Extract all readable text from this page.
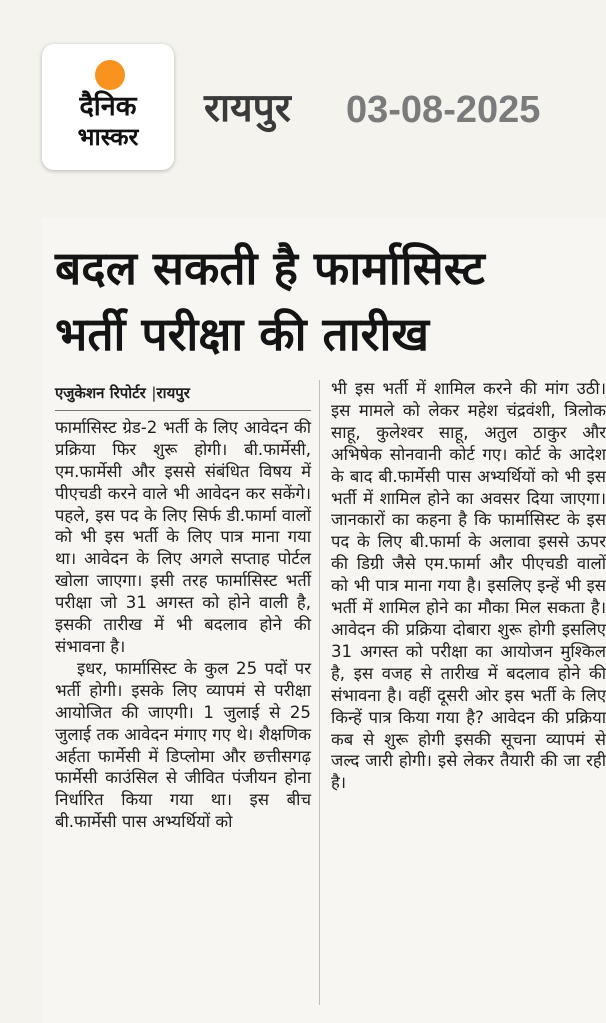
दैनिक
भास्कर
रायपुर 03-08-2025
बदल सकती है फार्मासिस्ट
भर्ती परीक्षा की तारीख
एजुकेशन रिपोर्टर |रायपुर
फार्मासिस्ट ग्रेड-2 भर्ती के लिए आवेदन की प्रक्रिया फिर शुरू होगी। बी.फार्मेसी, एम.फार्मेसी और इससे संबंधित विषय में पीएचडी करने वाले भी आवेदन कर सकेंगे। पहले, इस पद के लिए सिर्फ डी.फार्मा वालों को भी इस भर्ती के लिए पात्र माना गया था। आवेदन के लिए अगले सप्ताह पोर्टल खोला जाएगा। इसी तरह फार्मासिस्ट भर्ती परीक्षा जो 31 अगस्त को होने वाली है, इसकी तारीख में भी बदलाव होने की संभावना है।
इधर, फार्मासिस्ट के कुल 25 पदों पर भर्ती होगी। इसके लिए व्यापमं से परीक्षा आयोजित की जाएगी। 1 जुलाई से 25 जुलाई तक आवेदन मंगाए गए थे। शैक्षणिक अर्हता फार्मेसी में डिप्लोमा और छत्तीसगढ़ फार्मेसी काउंसिल से जीवित पंजीयन होना निर्धारित किया गया था। इस बीच बी.फार्मेसी पास अभ्यर्थियों को
भी इस भर्ती में शामिल करने की मांग उठी। इस मामले को लेकर महेश चंद्रवंशी, त्रिलोक साहू, कुलेश्वर साहू, अतुल ठाकुर और अभिषेक सोनवानी कोर्ट गए। कोर्ट के आदेश के बाद बी.फार्मेसी पास अभ्यर्थियों को भी इस भर्ती में शामिल होने का अवसर दिया जाएगा। जानकारों का कहना है कि फार्मासिस्ट के इस पद के लिए बी.फार्मा के अलावा इससे ऊपर की डिग्री जैसे एम.फार्मा और पीएचडी वालों को भी पात्र माना गया है। इसलिए इन्हें भी इस भर्ती में शामिल होने का मौका मिल सकता है। आवेदन की प्रक्रिया दोबारा शुरू होगी इसलिए 31 अगस्त को परीक्षा का आयोजन मुश्किल है, इस वजह से तारीख में बदलाव होने की संभावना है। वहीं दूसरी ओर इस भर्ती के लिए किन्हें पात्र किया गया है? आवेदन की प्रक्रिया कब से शुरू होगी इसकी सूचना व्यापमं से जल्द जारी होगी। इसे लेकर तैयारी की जा रही है।
